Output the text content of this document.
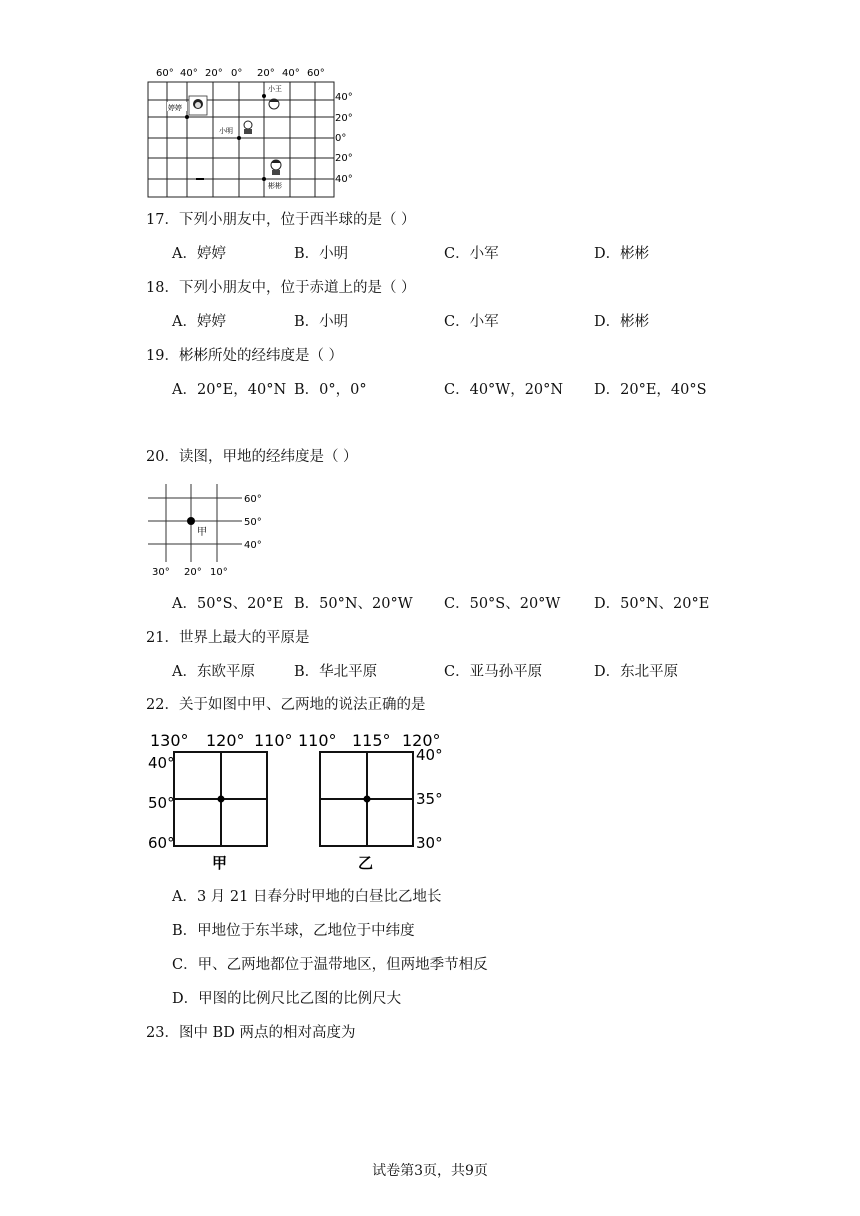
60° 40° 20° 0° 20° 40° 60°
40°
20°
0°
20°
40°
婷婷
小明
小王
彬彬
17．下列小朋友中，位于西半球的是（ ）
A．婷婷	B．小明	C．小军	D．彬彬
18．下列小朋友中，位于赤道上的是（ ）
A．婷婷	B．小明	C．小军	D．彬彬
19．彬彬所处的经纬度是（ ）
A．20°E，40°N B．0°，0°	C．40°W，20°N D．20°E，40°S
20．读图，甲地的经纬度是（ ）
60°
50°
40°
30° 20° 10°
甲
A．50°S、20°E B．50°N、20°W C．50°S、20°W D．50°N、20°E
21．世界上最大的平原是
A．东欧平原	B．华北平原	C．亚马孙平原	D．东北平原
22．关于如图中甲、乙两地的说法正确的是
130° 120° 110°
40°
50°
60°
甲
110° 115° 120°
40°
35°
30°
乙
A．3 月 21 日春分时甲地的白昼比乙地长
B．甲地位于东半球，乙地位于中纬度
C．甲、乙两地都位于温带地区，但两地季节相反
D．甲图的比例尺比乙图的比例尺大
23．图中 BD 两点的相对高度为
试卷第3页，共9页
